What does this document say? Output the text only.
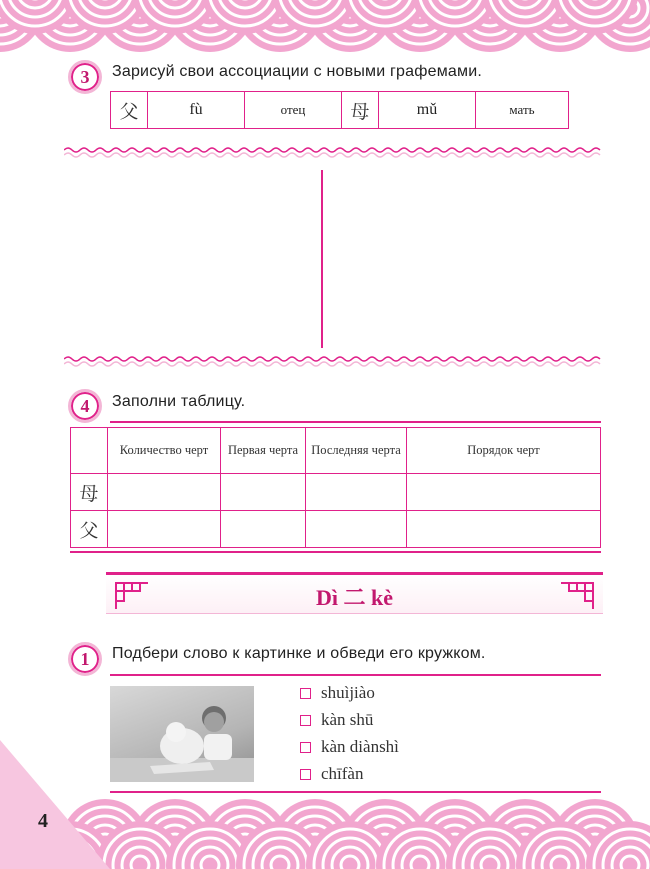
3	Зарисуй свои ассоциации с новыми графемами.
父	fù	отец	母	mǔ	мать
4	Заполни таблицу.
	Количество черт	Первая черта	Последняя черта	Порядок черт
母				
父				
Dì 二 kè
1	Подбери слово к картинке и обведи его кружком.
shuìjiào
kàn shū
kàn diànshì
chīfàn
4
